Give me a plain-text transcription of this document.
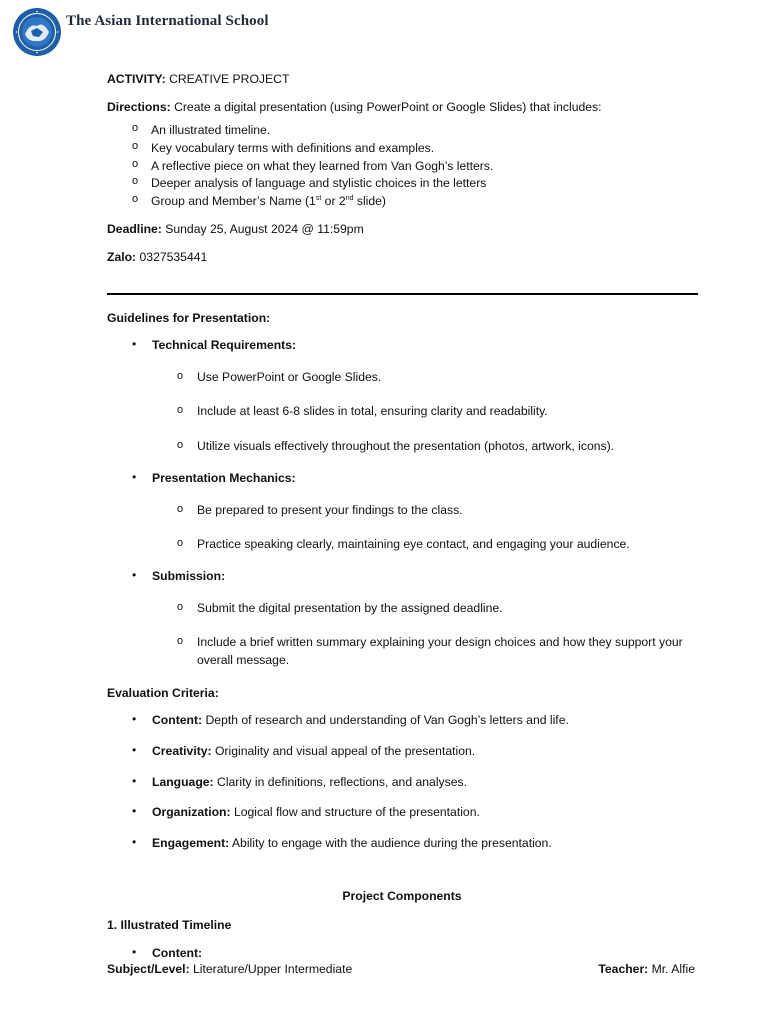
The Asian International School

ACTIVITY: CREATIVE PROJECT

Directions: Create a digital presentation (using PowerPoint or Google Slides) that includes:

o An illustrated timeline.
o Key vocabulary terms with definitions and examples.
o A reflective piece on what they learned from Van Gogh’s letters.
o Deeper analysis of language and stylistic choices in the letters
o Group and Member’s Name (1st or 2nd slide)

Deadline: Sunday 25, August 2024 @ 11:59pm

Zalo: 0327535441

Guidelines for Presentation:

• Technical Requirements:
o Use PowerPoint or Google Slides.
o Include at least 6-8 slides in total, ensuring clarity and readability.
o Utilize visuals effectively throughout the presentation (photos, artwork, icons).
• Presentation Mechanics:
o Be prepared to present your findings to the class.
o Practice speaking clearly, maintaining eye contact, and engaging your audience.
• Submission:
o Submit the digital presentation by the assigned deadline.
o Include a brief written summary explaining your design choices and how they support your overall message.

Evaluation Criteria:

• Content: Depth of research and understanding of Van Gogh’s letters and life.
• Creativity: Originality and visual appeal of the presentation.
• Language: Clarity in definitions, reflections, and analyses.
• Organization: Logical flow and structure of the presentation.
• Engagement: Ability to engage with the audience during the presentation.

Project Components

1. Illustrated Timeline

• Content:
Subject/Level: Literature/Upper Intermediate	Teacher: Mr. Alfie
